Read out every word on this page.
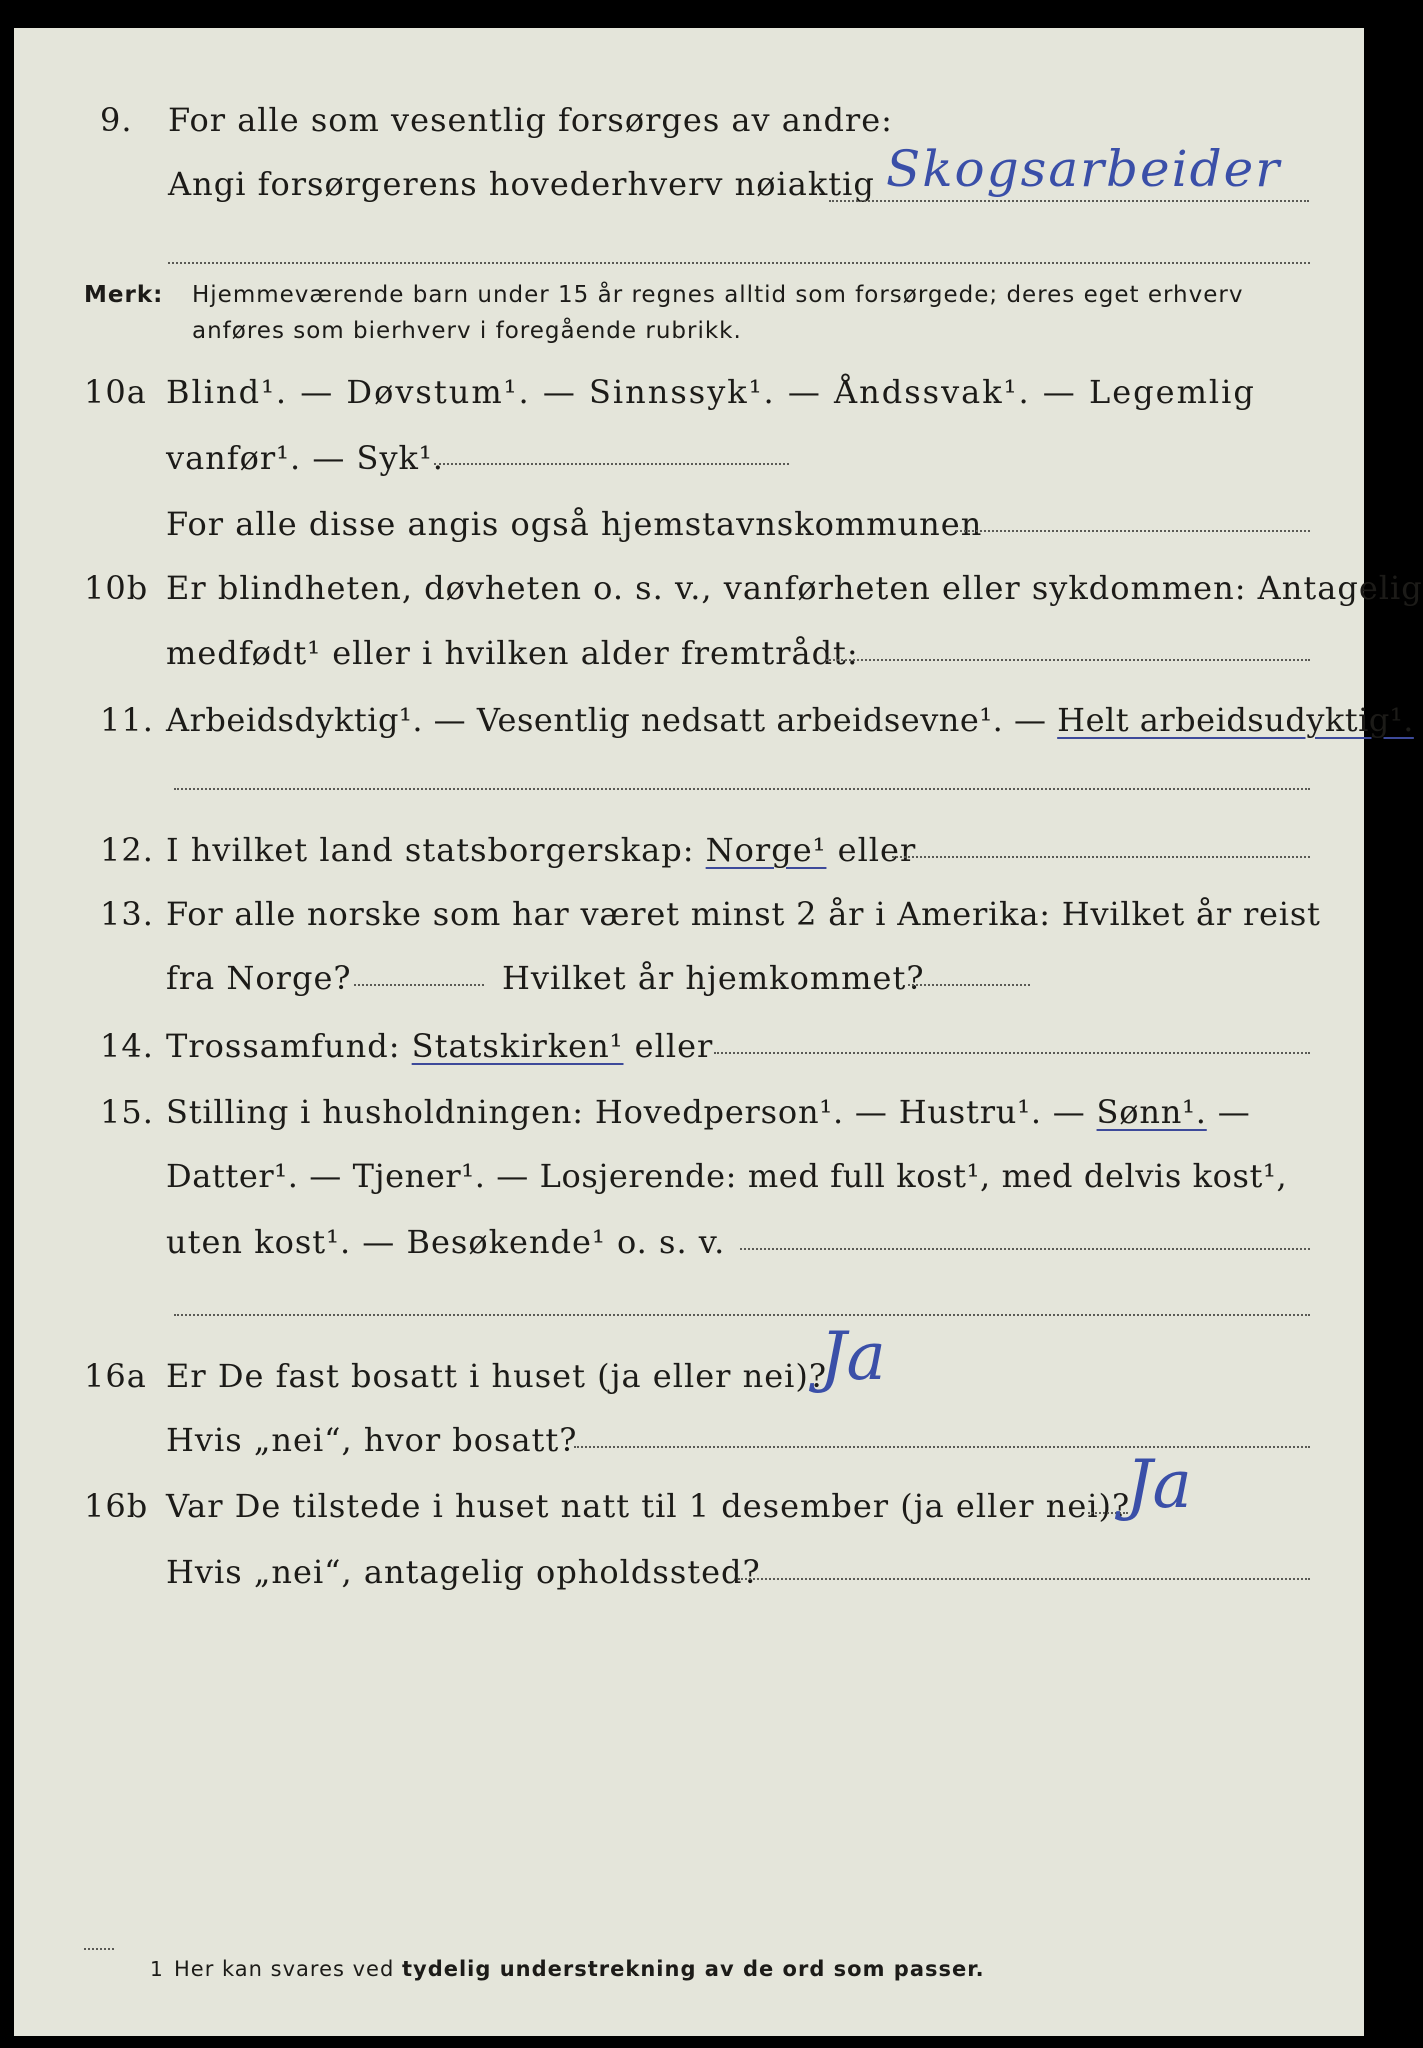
9. For alle som vesentlig forsørges av andre:
Angi forsørgerens hovederhverv nøiaktig Skogsarbeider
Merk: Hjemmeværende barn under 15 år regnes alltid som forsørgede; deres eget erhverv
anføres som bierhverv i foregående rubrikk.
10a Blind¹. — Døvstum¹. — Sinnssyk¹. — Åndssvak¹. — Legemlig
vanfør¹. — Syk¹.
For alle disse angis også hjemstavnskommunen
10b Er blindheten, døvheten o. s. v., vanførheten eller sykdommen: Antagelig
medfødt¹ eller i hvilken alder fremtrådt:
11. Arbeidsdyktig¹. — Vesentlig nedsatt arbeidsevne¹. — Helt arbeidsudyktig¹.
12. I hvilket land statsborgerskap: Norge¹ eller
13. For alle norske som har været minst 2 år i Amerika: Hvilket år reist
fra Norge?	Hvilket år hjemkommet?
14. Trossamfund: Statskirken¹ eller
15. Stilling i husholdningen: Hovedperson¹. — Hustru¹. — Sønn¹. —
Datter¹. — Tjener¹. — Losjerende: med full kost¹, med delvis kost¹,
uten kost¹. — Besøkende¹ o. s. v.
16a Er De fast bosatt i huset (ja eller nei)?
Ja
Hvis „nei“, hvor bosatt?
16b Var De tilstede i huset natt til 1 desember (ja eller nei)?
Ja
Hvis „nei“, antagelig opholdssted?
1 Her kan svares ved tydelig understrekning av de ord som passer.
